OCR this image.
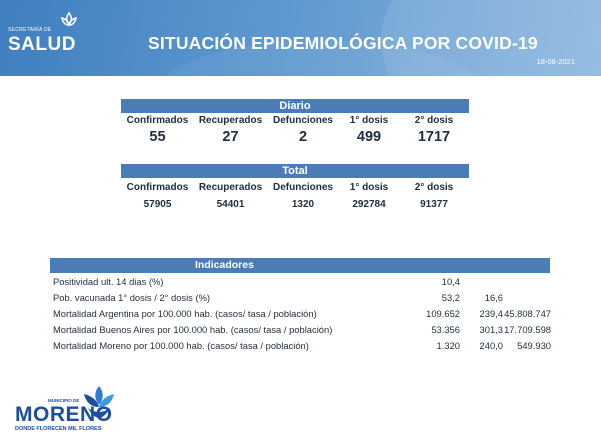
SECRETARÍA DE
SALUD	SITUACIÓN EPIDEMIOLÓGICA POR COVID-19
18-08-2021
Diario
Confirmados	Recuperados	Defunciones	1° dosis	2° dosis
55	27	2	499	1717
Total
Confirmados	Recuperados	Defunciones	1° dosis	2° dosis
57905	54401	1320	292784	91377
Indicadores
Positividad ult. 14 dias (%)	10,4
Pob. vacunada 1° dosis / 2° dosis (%)	53,2	16,6
Mortalidad Argentina por 100.000 hab. (casos/ tasa / población)	109.652	239,4 45.808.747
Mortalidad Buenos Aires por 100.000 hab. (casos/ tasa / población)	53.356	301,3 17.709.598
Mortalidad Moreno por 100.000 hab. (casos/ tasa / población)	1.320	240,0	549.930
MUNICIPIO DE
MORENO
DONDE FLORECEN MIL FLORES
